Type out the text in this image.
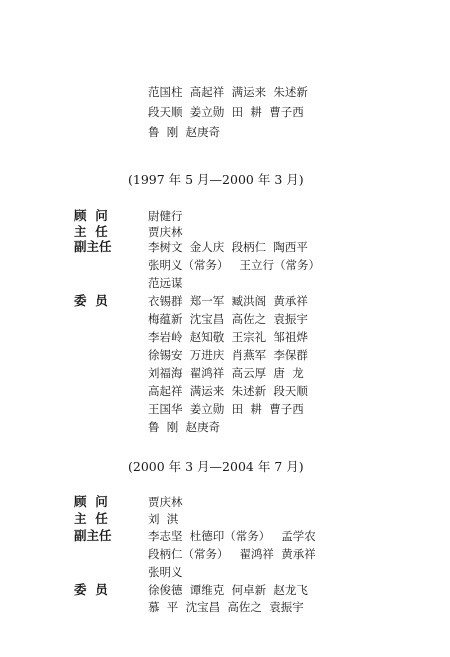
范国柱  高起祥  满运来  朱述新
段天顺  姜立勋  田  耕  曹子西
鲁  刚  赵庚奇
(1997 年 5 月—2000 年 3 月)
顾  问	尉健行
主  任	贾庆林
副主任	李树文  金人庆  段柄仁  陶西平
张明义（常务）   王立行（常务）
范远谋
委  员	衣锡群  郑一军  臧洪阁  黄承祥
梅蕴新  沈宝昌  高佐之  袁振宇
李岩岭  赵知敬  王宗礼  邹祖烨
徐锡安  万进庆  肖燕军  李保群
刘福海  翟鸿祥  高云厚  唐  龙
高起祥  满运来  朱述新  段天顺
王国华  姜立勋  田  耕  曹子西
鲁  刚  赵庚奇
(2000 年 3 月—2004 年 7 月)
顾  问	贾庆林
主  任	刘  淇
副主任	李志坚  杜德印（常务）   孟学农
段柄仁（常务）   翟鸿祥  黄承祥
张明义
委  员	徐俊德  谭维克  何卓新  赵龙飞
慕  平  沈宝昌  高佐之  袁振宇
